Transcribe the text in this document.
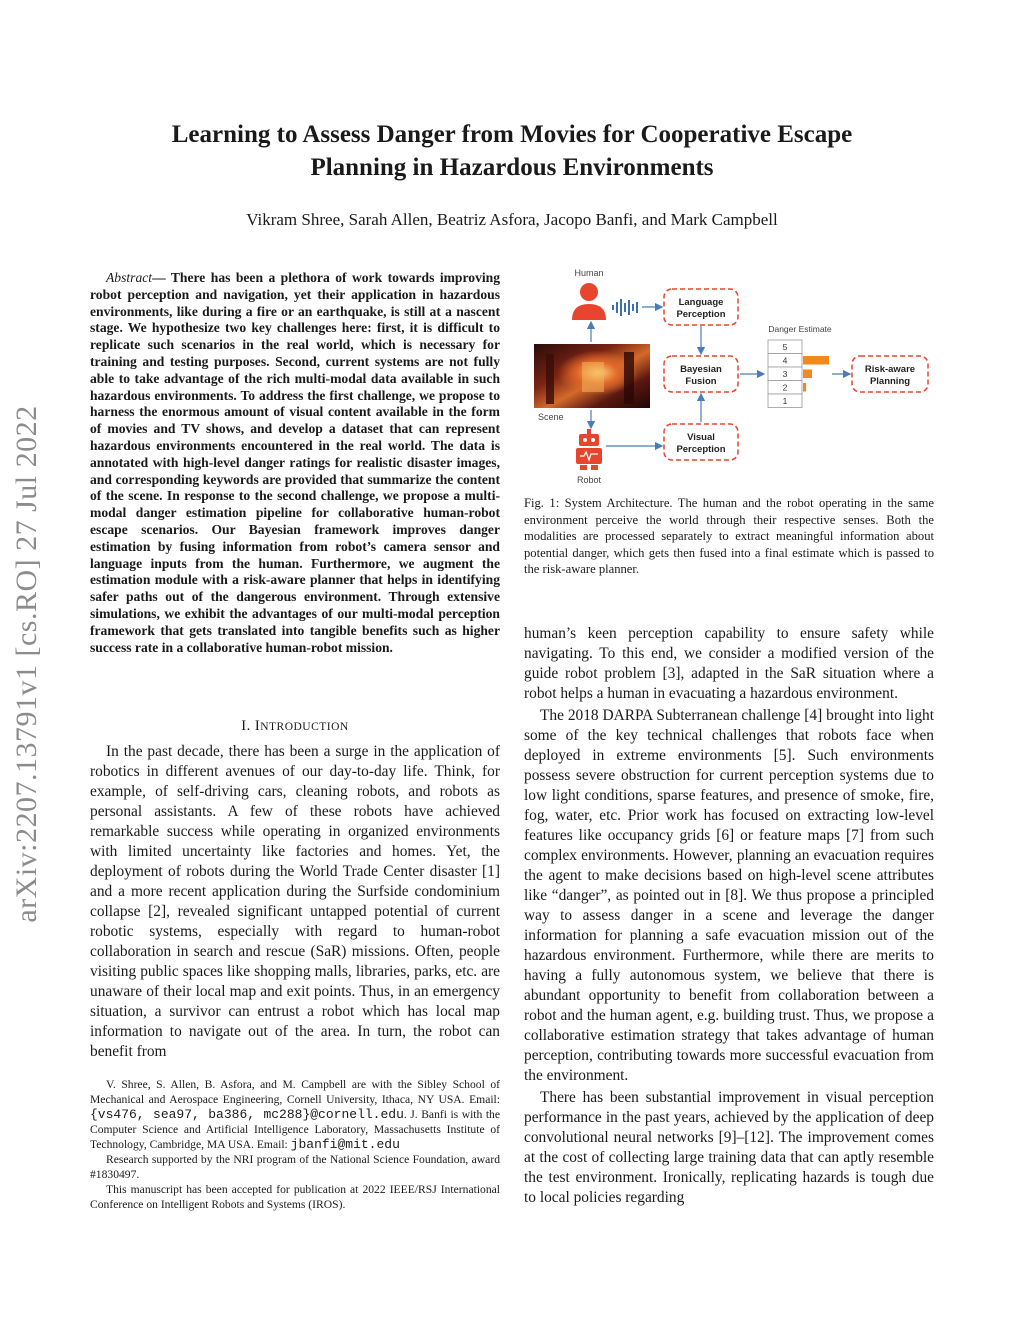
Learning to Assess Danger from Movies for Cooperative Escape
Planning in Hazardous Environments
Vikram Shree, Sarah Allen, Beatriz Asfora, Jacopo Banfi, and Mark Campbell
arXiv:2207.13791v1 [cs.RO] 27 Jul 2022
Abstract— There has been a plethora of work towards improving robot perception and navigation, yet their application in hazardous environments, like during a fire or an earthquake, is still at a nascent stage. We hypothesize two key challenges here: first, it is difficult to replicate such scenarios in the real world, which is necessary for training and testing purposes. Second, current systems are not fully able to take advantage of the rich multi-modal data available in such hazardous environments. To address the first challenge, we propose to harness the enormous amount of visual content available in the form of movies and TV shows, and develop a dataset that can represent hazardous environments encountered in the real world. The data is annotated with high-level danger ratings for realistic disaster images, and corresponding keywords are provided that summarize the content of the scene. In response to the second challenge, we propose a multi-modal danger estimation pipeline for collaborative human-robot escape scenarios. Our Bayesian framework improves danger estimation by fusing information from robot’s camera sensor and language inputs from the human. Furthermore, we augment the estimation module with a risk-aware planner that helps in identifying safer paths out of the dangerous environment. Through extensive simulations, we exhibit the advantages of our multi-modal perception framework that gets translated into tangible benefits such as higher success rate in a collaborative human-robot mission.
I. INTRODUCTION

In the past decade, there has been a surge in the application of robotics in different avenues of our day-to-day life. Think, for example, of self-driving cars, cleaning robots, and robots as personal assistants. A few of these robots have achieved remarkable success while operating in organized environments with limited uncertainty like factories and homes. Yet, the deployment of robots during the World Trade Center disaster [1] and a more recent application during the Surfside condominium collapse [2], revealed significant untapped potential of current robotic systems, especially with regard to human-robot collaboration in search and rescue (SaR) missions. Often, people visiting public spaces like shopping malls, libraries, parks, etc. are unaware of their local map and exit points. Thus, in an emergency situation, a survivor can entrust a robot which has local map information to navigate out of the area. In turn, the robot can benefit from

V. Shree, S. Allen, B. Asfora, and M. Campbell are with the Sibley School of Mechanical and Aerospace Engineering, Cornell University, Ithaca, NY USA. Email: {vs476, sea97, ba386, mc288}@cornell.edu. J. Banfi is with the Computer Science and Artificial Intelligence Laboratory, Massachusetts Institute of Technology, Cambridge, MA USA. Email: jbanfi@mit.edu

Research supported by the NRI program of the National Science Foundation, award #1830497.

This manuscript has been accepted for publication at 2022 IEEE/RSJ International Conference on Intelligent Robots and Systems (IROS).

Human
Scene
Robot
Language
Perception
Bayesian
Fusion
Visual
Perception
Danger Estimate
5
4
3
2
1
Risk-aware
Planning
Fig. 1: System Architecture. The human and the robot operating in the same environment perceive the world through their respective senses. Both the modalities are processed separately to extract meaningful information about potential danger, which gets then fused into a final estimate which is passed to the risk-aware planner.

human’s keen perception capability to ensure safety while navigating. To this end, we consider a modified version of the guide robot problem [3], adapted in the SaR situation where a robot helps a human in evacuating a hazardous environment.

The 2018 DARPA Subterranean challenge [4] brought into light some of the key technical challenges that robots face when deployed in extreme environments [5]. Such environments possess severe obstruction for current perception systems due to low light conditions, sparse features, and presence of smoke, fire, fog, water, etc. Prior work has focused on extracting low-level features like occupancy grids [6] or feature maps [7] from such complex environments. However, planning an evacuation requires the agent to make decisions based on high-level scene attributes like “danger”, as pointed out in [8]. We thus propose a principled way to assess danger in a scene and leverage the danger information for planning a safe evacuation mission out of the hazardous environment. Furthermore, while there are merits to having a fully autonomous system, we believe that there is abundant opportunity to benefit from collaboration between a robot and the human agent, e.g. building trust. Thus, we propose a collaborative estimation strategy that takes advantage of human perception, contributing towards more successful evacuation from the environment.

There has been substantial improvement in visual perception performance in the past years, achieved by the application of deep convolutional neural networks [9]–[12]. The improvement comes at the cost of collecting large training data that can aptly resemble the test environment. Ironically, replicating hazards is tough due to local policies regarding
